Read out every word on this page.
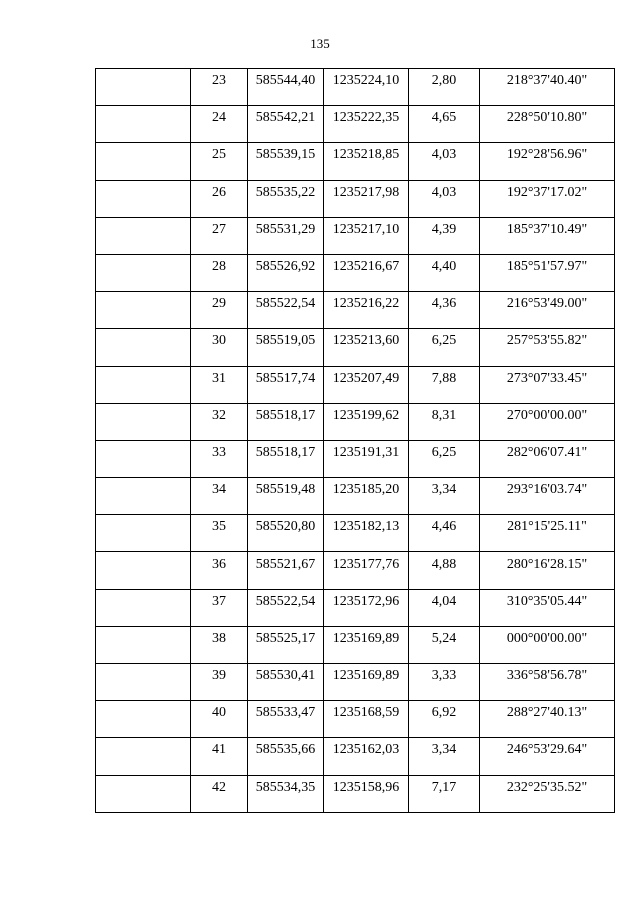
135
	23	585544,40	1235224,10	2,80	218°37'40.40"
	24	585542,21	1235222,35	4,65	228°50'10.80"
	25	585539,15	1235218,85	4,03	192°28'56.96"
	26	585535,22	1235217,98	4,03	192°37'17.02"
	27	585531,29	1235217,10	4,39	185°37'10.49"
	28	585526,92	1235216,67	4,40	185°51'57.97"
	29	585522,54	1235216,22	4,36	216°53'49.00"
	30	585519,05	1235213,60	6,25	257°53'55.82"
	31	585517,74	1235207,49	7,88	273°07'33.45"
	32	585518,17	1235199,62	8,31	270°00'00.00"
	33	585518,17	1235191,31	6,25	282°06'07.41"
	34	585519,48	1235185,20	3,34	293°16'03.74"
	35	585520,80	1235182,13	4,46	281°15'25.11"
	36	585521,67	1235177,76	4,88	280°16'28.15"
	37	585522,54	1235172,96	4,04	310°35'05.44"
	38	585525,17	1235169,89	5,24	000°00'00.00"
	39	585530,41	1235169,89	3,33	336°58'56.78"
	40	585533,47	1235168,59	6,92	288°27'40.13"
	41	585535,66	1235162,03	3,34	246°53'29.64"
	42	585534,35	1235158,96	7,17	232°25'35.52"
